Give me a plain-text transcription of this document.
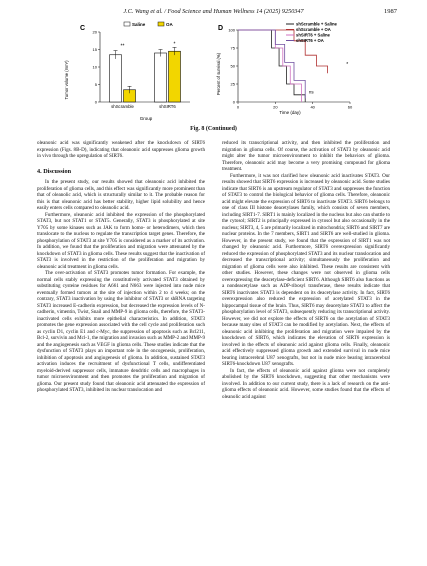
J.C. Wang et al. / Food Science and Human Wellness 14 (2025) 9250347	1987
C
Tumor volume (mm³)
0
5
10
15
20
shScramble	shSIRT6
**	*
Saline	OA
Group
D
Percent of survival (%)
0
25
50
75
100
0	20	40	60
*
ns
Time (day)
shScramble + Saline
shScramble + OA
shSIRT6 + Saline
shSIRT6 + OA
Fig. 8 (Continued)

oleanonic acid was significantly weakened after the knockdown of SIRT6 expression (Figs. 8B-D), indicating that oleanonic acid suppresses glioma growth in vivo through the upregulation of SIRT6.

4. Discussion

In the present study, our results showed that oleanonic acid inhibited the proliferation of glioma cells, and this effect was significantly more prominent than that of oleanolic acid, which is structurally similar to it. The probable reason for this is that oleanonic acid has better stability, higher lipid solubility and hence easily enters cells compared to oleanolic acid.

Furthermore, oleanonic acid inhibited the expression of the phosphorylated STAT3, but not STAT1 or STAT5. Generally, STAT3 is phosphorylated at site Y705 by some kinases such as JAK to form homo- or heterodimers, which then translocate to the nucleus to regulate the transcription target genes. Therefore, the phosphorylation of STAT3 at site Y705 is considered as a marker of its activation. In addition, we found that the proliferation and migration were attenuated by the knockdown of STAT3 in glioma cells. These results suggest that the inactivation of STAT3 is involved in the restriction of the proliferation and migration by oleanonic acid treatment in glioma cells.

The over-activation of STAT3 promotes tumor formation. For example, the normal cells stably expressing the constitutively activated STAT3 obtained by substituting cysteine residues for A661 and N663 were injected into nude mice eventually formed tumors at the site of injection within 2 to 4 weeks; on the contrary, STAT3 inactivation by using the inhibitor of STAT3 or shRNA targeting STAT3 increased E-cadherin expression, but decreased the expression levels of N-cadherin, vimentin, Twist, Snail and MMP-9 in glioma cells, therefore, the STAT3-inactivated cells exhibits more epithelial characteristics. In addition, STAT3 promotes the gene expression associated with the cell cycle and proliferation such as cyclin D1, cyclin E1 and c-Myc, the suppression of apoptosis such as Bcl211, Bcl-2, survivin and Mcl-1, the migration and invasion such as MMP-2 and MMP-9 and the angiogenesis such as VEGF in glioma cells. These studies indicate that the dysfunction of STAT3 plays an important role in the oncogenesis, proliferation, inhibition of apoptosis and angiogenesis of glioma. In addition, sustained STAT3 activation induces the recruitment of dysfunctional T cells, undifferentiated myeloid-derived suppressor cells, immature dendritic cells and macrophages in tumor microenvironment and then promotes the proliferation and migration of glioma. Our present study found that oleanonic acid attenuated the expression of phosphorylated STAT3, inhibited its nuclear translocation and

reduced its transcriptional activity, and then inhibited the proliferation and migration in glioma cells. Of course, the activation of STAT3 by oleanonic acid might alter the tumor microenvironment to inhibit the behaviors of glioma. Therefore, oleanonic acid may become a very promising compound for glioma treatment.

Furthermore, it was not clarified how oleanonic acid inactivates STAT3. Our results showed that SIRT6 expression is increased by oleanonic acid. Some studies indicate that SIRT6 is an upstream regulator of STAT3 and suppresses the function of STAT3 to control the biological behavior of glioma cells. Therefore, oleanonic acid might elevate the expression of SIRT6 to inactivate STAT3. SIRT6 belongs to one of class III histone deacetylases family, which consists of seven members, including SIRT1-7. SIRT1 is mainly localized in the nucleus but also can shuttle to the cytosol; SIRT2 is principally expressed in cytosol but also occasionally in the nucleus; SIRT3, 4, 5 are primarily localized in mitochondria; SIRT6 and SIRT7 are nuclear proteins. In the 7 members, SIRT1 and SIRT6 are well-studied in glioma. However, in the present study, we found that the expression of SIRT1 was not changed by oleanonic acid. Furthermore, SIRT6 overexpression significantly reduced the expression of phosphorylated STAT3 and its nuclear translocation and decreased the transcriptional activity; simultaneously the proliferation and migration of glioma cells were also inhibited. These results are consistent with other studies. However, these changes were not observed in glioma cells overexpressing the deacetylase-deficient SIRT6. Although SIRT6 also functions as a nondeacetylase such as ADP-ribosyl transferase, these results indicate that SIRT6 inactivates STAT3 is dependent on its deacetylase activity. In fact, SIRT6 overexpression also reduced the expression of acetylated STAT3 in the hippocampal tissue of the brain. Thus, SIRT6 may deacetylate STAT3 to affect the phosphorylation level of STAT3, subsequently reducing its transcriptional activity. However, we did not explore the effects of SIRT6 on the acetylation of STAT3 because many sites of STAT3 can be modified by acetylation. Next, the effects of oleanonic acid inhibiting the proliferation and migration were impaired by the knockdown of SIRT6, which indicates the elevation of SIRT6 expression is involved in the effects of oleanonic acid against glioma cells. Finally, oleanonic acid effectively suppressed glioma growth and extended survival in nude mice bearing intracerebral U87 xenografts, but not in nude mice bearing intracerebral SIRT6-knockdown U87 xenografts.

In fact, the effects of oleanonic acid against glioma were not completely abolished by the SIRT6 knockdown, suggesting that other mechanisms were involved. In addition to our current study, there is a lack of research on the anti-glioma effects of oleanonic acid. However, some studies found that the effects of oleanolic acid against
